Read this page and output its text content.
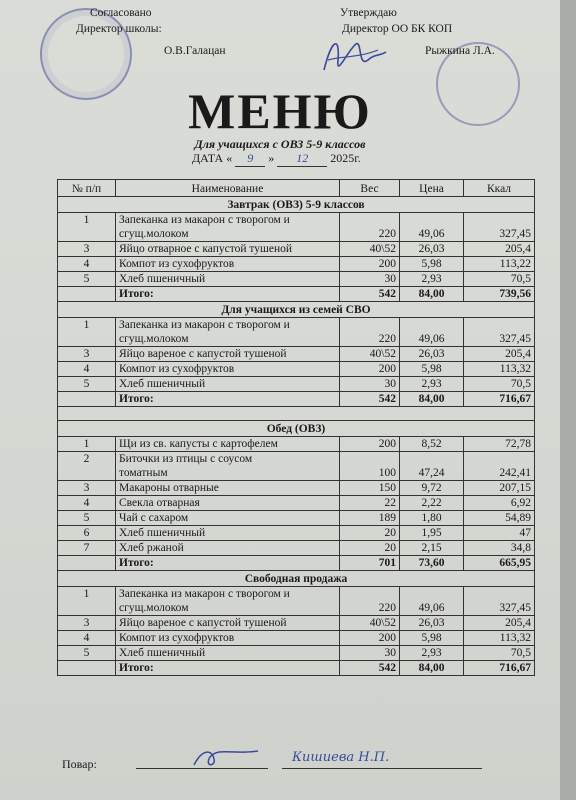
Согласовано
Директор школы:
О.В.Галацан
Утверждаю
Директор ОО БК КОП
Рыжкина Л.А.
МЕНЮ
Для учащихся с ОВЗ 5-9 классов
ДАТА « 9 » 12 2025г.
№ п/п	Наименование	Вес	Цена	Ккал
Завтрак (ОВЗ) 5-9 классов				
1	Запеканка из макарон с творогом и
сгущ.молоком	220	49,06	327,45
3	Яйцо отварное с капустой тушеной	40\52	26,03	205,4
4	Компот из сухофруктов	200	5,98	113,22
5	Хлеб пшеничный	30	2,93	70,5
	Итого:	542	84,00	739,56
Для учащихся из семей СВО				
1	Запеканка из макарон с творогом и
сгущ.молоком	220	49,06	327,45
3	Яйцо вареное с капустой тушеной	40\52	26,03	205,4
4	Компот из сухофруктов	200	5,98	113,32
5	Хлеб пшеничный	30	2,93	70,5
	Итого:	542	84,00	716,67

Обед (ОВЗ)				
1	Щи из св. капусты с картофелем	200	8,52	72,78
2	Биточки из птицы с соусом
томатным	100	47,24	242,41
3	Макароны отварные	150	9,72	207,15
4	Свекла отварная	22	2,22	6,92
5	Чай с сахаром	189	1,80	54,89
6	Хлеб пшеничный	20	1,95	47
7	Хлеб ржаной	20	2,15	34,8
	Итого:	701	73,60	665,95
Свободная продажа				
1	Запеканка из макарон с творогом и
сгущ.молоком	220	49,06	327,45
3	Яйцо вареное с капустой тушеной	40\52	26,03	205,4
4	Компот из сухофруктов	200	5,98	113,32
5	Хлеб пшеничный	30	2,93	70,5
	Итого:	542	84,00	716,67
Повар:	Кишиева Н.П.
